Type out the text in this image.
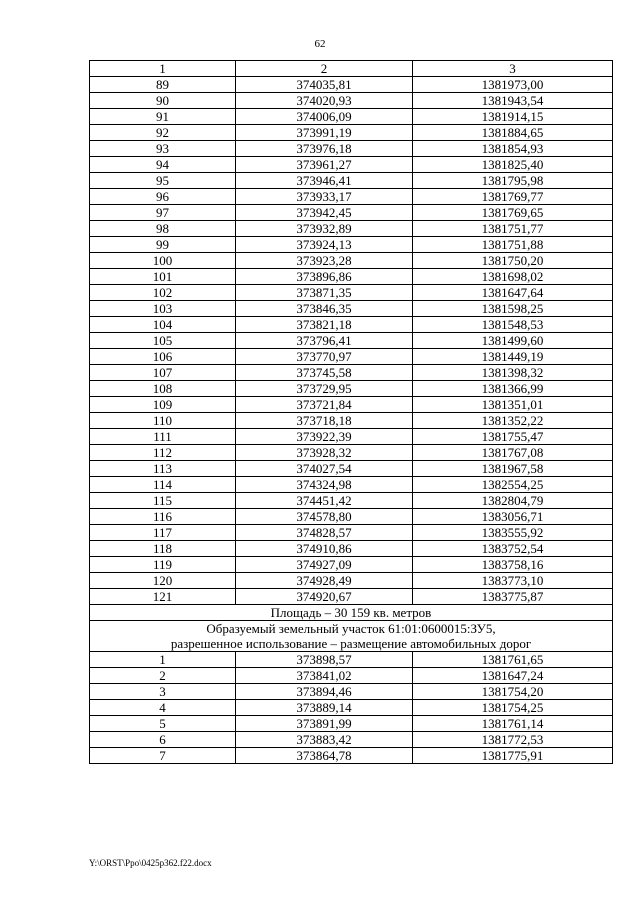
62
1	2	3
89	374035,81	1381973,00
90	374020,93	1381943,54
91	374006,09	1381914,15
92	373991,19	1381884,65
93	373976,18	1381854,93
94	373961,27	1381825,40
95	373946,41	1381795,98
96	373933,17	1381769,77
97	373942,45	1381769,65
98	373932,89	1381751,77
99	373924,13	1381751,88
100	373923,28	1381750,20
101	373896,86	1381698,02
102	373871,35	1381647,64
103	373846,35	1381598,25
104	373821,18	1381548,53
105	373796,41	1381499,60
106	373770,97	1381449,19
107	373745,58	1381398,32
108	373729,95	1381366,99
109	373721,84	1381351,01
110	373718,18	1381352,22
111	373922,39	1381755,47
112	373928,32	1381767,08
113	374027,54	1381967,58
114	374324,98	1382554,25
115	374451,42	1382804,79
116	374578,80	1383056,71
117	374828,57	1383555,92
118	374910,86	1383752,54
119	374927,09	1383758,16
120	374928,49	1383773,10
121	374920,67	1383775,87
Площадь – 30 159 кв. метров		
Образуемый земельный участок 61:01:0600015:ЗУ5,		
разрешенное использование – размещение автомобильных дорог		
1	373898,57	1381761,65
2	373841,02	1381647,24
3	373894,46	1381754,20
4	373889,14	1381754,25
5	373891,99	1381761,14
6	373883,42	1381772,53
7	373864,78	1381775,91
Y:\ORST\Ppo\0425p362.f22.docx
